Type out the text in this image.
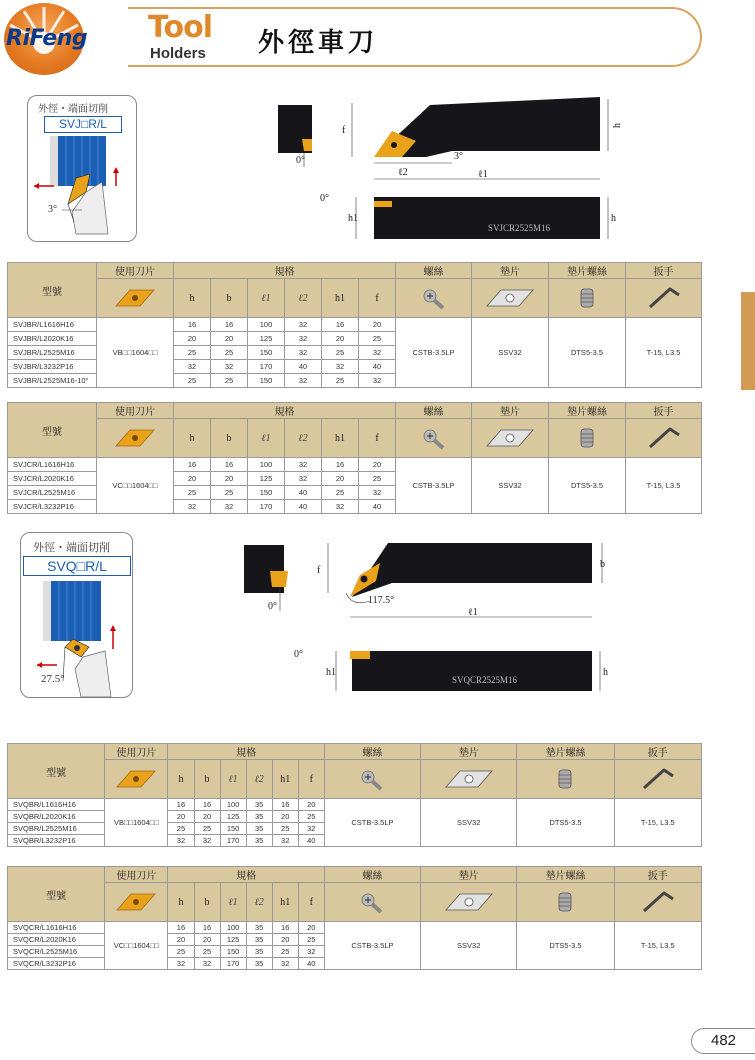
RiFeng Tool
Holders 外徑車刀
外徑・端面切削
SVJ□R/L
3°
0°
f	h
ℓ2
3°
ℓ1
0°
SVJCR2525M16
h1	h
型號	使用刀片	規格						螺絲	墊片	墊片螺絲	扳手
	h	b	ℓ1	ℓ2	h1	f				
SVJBR/L1616H16	VB□□1604□□	16	16	100	32	16	20	CSTB-3.5LP	SSV32	DTS5-3.5	T-15, L3.5
SVJBR/L2020K16		20	20	125	32	20	25				
SVJBR/L2525M16		25	25	150	32	25	32				
SVJBR/L3232P16		32	32	170	40	32	40				
SVJBR/L2525M16-10°		25	25	150	32	25	32				
型號	使用刀片	規格						螺絲	墊片	墊片螺絲	扳手
	h	b	ℓ1	ℓ2	h1	f				
SVJCR/L1616H16	VC□□1604□□	16	16	100	32	16	20	CSTB-3.5LP	SSV32	DTS5-3.5	T-15, L3.5
SVJCR/L2020K16		20	20	125	32	20	25				
SVJCR/L2525M16		25	25	150	40	25	32				
SVJCR/L3232P16		32	32	170	40	32	40				
外徑・端面切削
SVQ□R/L
27.5°
0°
f
b
117.5°
ℓ1
0°
SVQCR2525M16
h1	h
型號	使用刀片	規格						螺絲	墊片	墊片螺絲	扳手
	h	b	ℓ1	ℓ2	h1	f				
SVQBR/L1616H16	VB□□1604□□	16	16	100	35	16	20	CSTB-3.5LP	SSV32	DTS5-3.5	T-15, L3.5
SVQBR/L2020K16		20	20	125	35	20	25				
SVQBR/L2525M16		25	25	150	35	25	32				
SVQBR/L3232P16		32	32	170	35	32	40				
型號	使用刀片	規格						螺絲	墊片	墊片螺絲	扳手
	h	b	ℓ1	ℓ2	h1	f				
SVQCR/L1616H16	VC□□1604□□	16	16	100	35	16	20	CSTB-3.5LP	SSV32	DTS5-3.5	T-15, L3.5
SVQCR/L2020K16		20	20	125	35	20	25				
SVQCR/L2525M16		25	25	150	35	25	32				
SVQCR/L3232P16		32	32	170	35	32	40				
482
